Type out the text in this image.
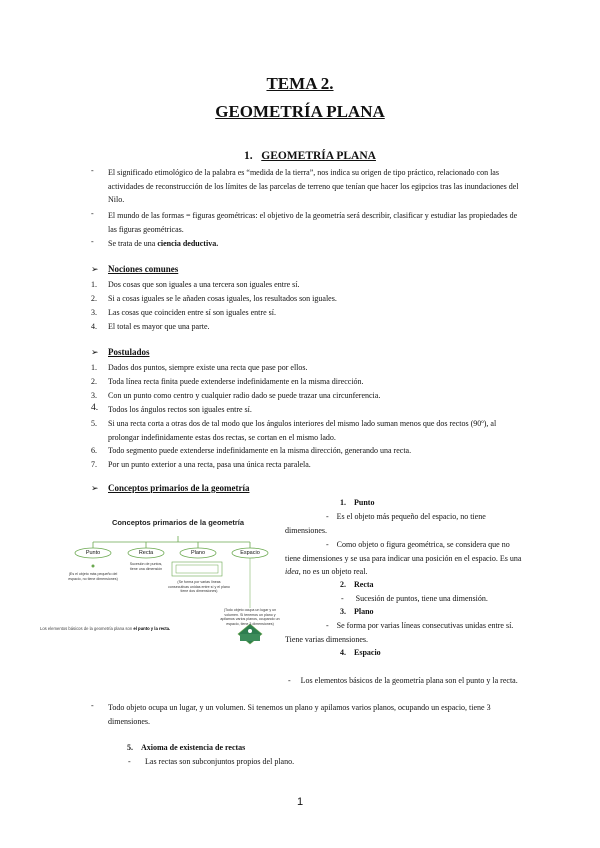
TEMA 2.
GEOMETRÍA PLANA
1. GEOMETRÍA PLANA
- El significado etimológico de la palabra es “medida de la tierra”, nos indica su origen de tipo práctico, relacionado con las actividades de reconstrucción de los límites de las parcelas de terreno que tenían que hacer los egipcios tras las inundaciones del Nilo.
- El mundo de las formas = figuras geométricas: el objetivo de la geometría será describir, clasificar y estudiar las propiedades de las figuras geométricas.
- Se trata de una ciencia deductiva.
➢ Nociones comunes
1. Dos cosas que son iguales a una tercera son iguales entre sí.
2. Si a cosas iguales se le añaden cosas iguales, los resultados son iguales.
3. Las cosas que coinciden entre sí son iguales entre sí.
4. El total es mayor que una parte.
➢ Postulados
1. Dados dos puntos, siempre existe una recta que pase por ellos.
2. Toda línea recta finita puede extenderse indefinidamente en la misma dirección.
3. Con un punto como centro y cualquier radio dado se puede trazar una circunferencia.
4. Todos los ángulos rectos son iguales entre sí.
5. Si una recta corta a otras dos de tal modo que los ángulos interiores del mismo lado suman menos que dos rectos (90º), al prolongar indefinidamente estas dos rectas, se cortan en el mismo lado.
6. Todo segmento puede extenderse indefinidamente en la misma dirección, generando una recta.
7. Por un punto exterior a una recta, pasa una única recta paralela.
➢ Conceptos primarios de la geometría
Conceptos primarios de la geometría
Punto	Recta	Plano	Espacio
(Es el objeto más pequeño del espacio, no tiene dimensiones)
Sucesión de puntos, tiene una dimensión
(Se forma por varias líneas consecutivas unidas entre sí y el plano tiene dos dimensiones)
(Todo objeto ocupa un lugar y un volumen. Si tenemos un plano y apilamos varios planos, ocupando un espacio, tiene 3 dimensiones)
Los elementos básicos de la geometría plana son el punto y la recta.
1. Punto
- Es el objeto más pequeño del espacio, no tiene dimensiones.
- Como objeto o figura geométrica, se considera que no tiene dimensiones y se usa para indicar una posición en el espacio. Es una idea, no es un objeto real.
2. Recta
-      Sucesión de puntos, tiene una dimensión.
3. Plano
- Se forma por varias líneas consecutivas unidas entre sí. Tiene varias dimensiones.
4. Espacio
- Los elementos básicos de la geometría plana son el punto y la recta.
- Todo objeto ocupa un lugar, y un volumen. Si tenemos un plano y apilamos varios planos, ocupando un espacio, tiene 3 dimensiones.
5. Axioma de existencia de rectas
- Las rectas son subconjuntos propios del plano.
1
